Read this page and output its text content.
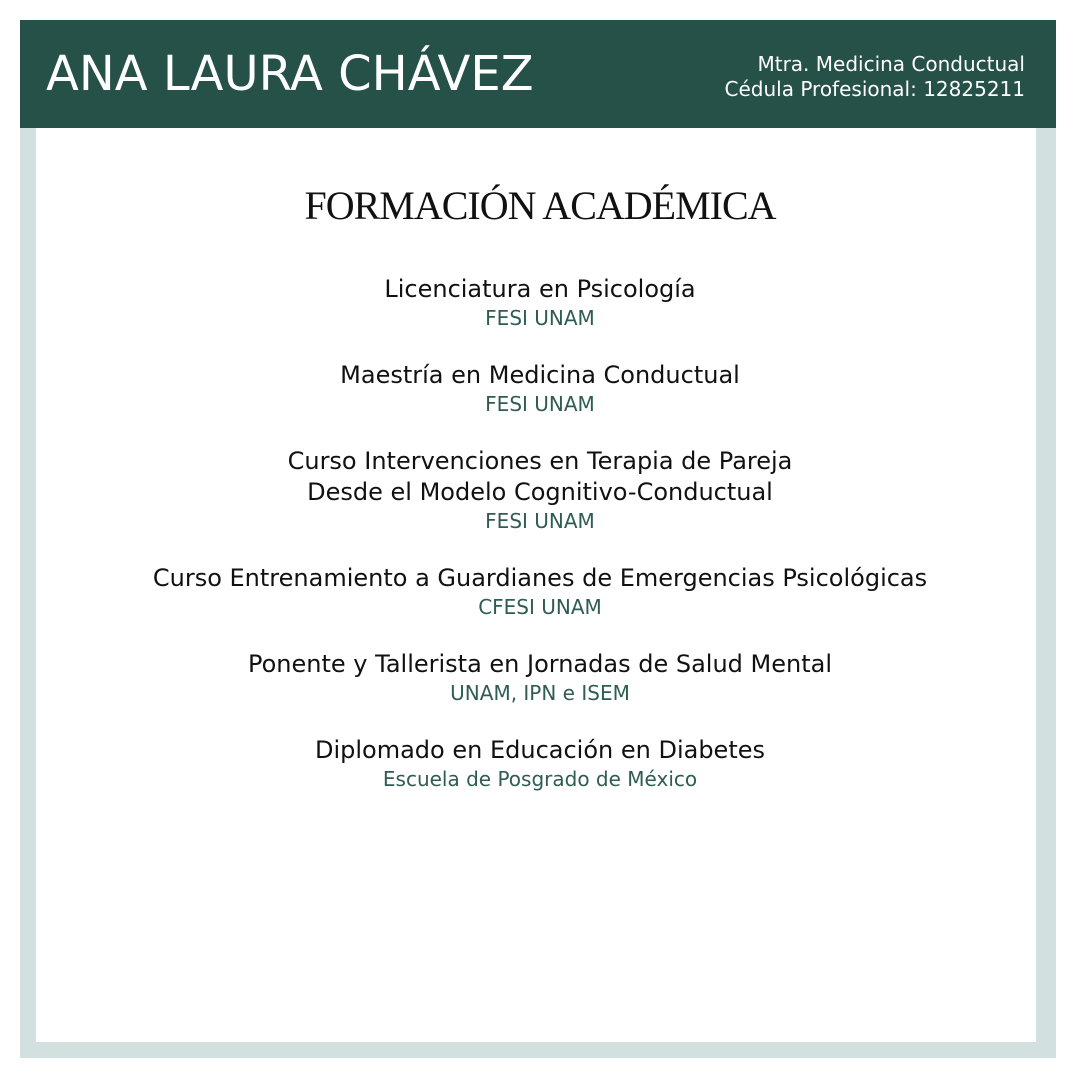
ANA LAURA CHÁVEZ	Mtra. Medicina Conductual
Cédula Profesional: 12825211
FORMACIÓN ACADÉMICA
Licenciatura en Psicología
FESI UNAM
Maestría en Medicina Conductual
FESI UNAM
Curso Intervenciones en Terapia de Pareja
Desde el Modelo Cognitivo-Conductual
FESI UNAM
Curso Entrenamiento a Guardianes de Emergencias Psicológicas
CFESI UNAM
Ponente y Tallerista en Jornadas de Salud Mental
UNAM, IPN e ISEM
Diplomado en Educación en Diabetes
Escuela de Posgrado de México
